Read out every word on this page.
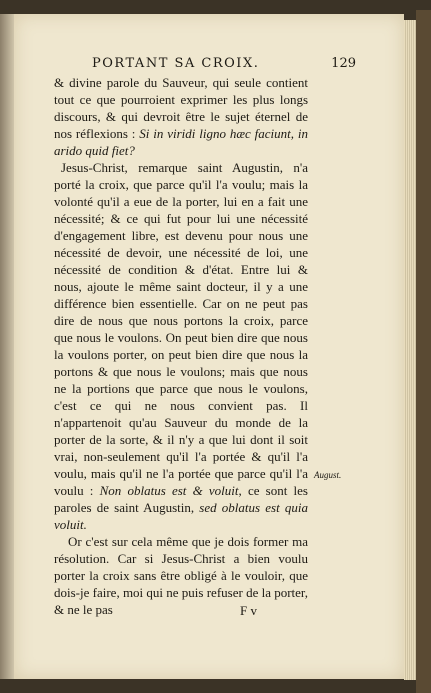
PORTANT SA CROIX.	129

& divine parole du Sauveur, qui seule contient tout ce que pourroient exprimer les plus longs discours, & qui devroit être le sujet éternel de nos réflexions : Si in viridi ligno hæc faciunt, in arido quid fiet?

Jesus-Christ, remarque saint Augustin, n'a porté la croix, que parce qu'il l'a voulu; mais la volonté qu'il a eue de la porter, lui en a fait une nécessité; & ce qui fut pour lui une nécessité d'engagement libre, est devenu pour nous une nécessité de devoir, une nécessité de loi, une nécessité de condition & d'état. Entre lui & nous, ajoute le même saint docteur, il y a une différence bien essentielle. Car on ne peut pas dire de nous que nous portons la croix, parce que nous le voulons. On peut bien dire que nous la voulons porter, on peut bien dire que nous la portons & que nous le voulons; mais que nous ne la portions que parce que nous le voulons, c'est ce qui ne nous convient pas. Il n'appartenoit qu'au Sauveur du monde de la porter de la sorte, & il n'y a que lui dont il soit vrai, non-seulement qu'il l'a portée & qu'il l'a voulu, mais qu'il ne l'a portée que parce qu'il l'a voulu : Non oblatus est & voluit, ce sont les paroles de saint Augustin, sed oblatus est quia voluit.

Or c'est sur cela même que je dois former ma résolution. Car si Jesus-Christ a bien voulu porter la croix sans être obligé à le vouloir, que dois-je faire, moi qui ne puis refuser de la porter, & ne le pas

August.
F v
